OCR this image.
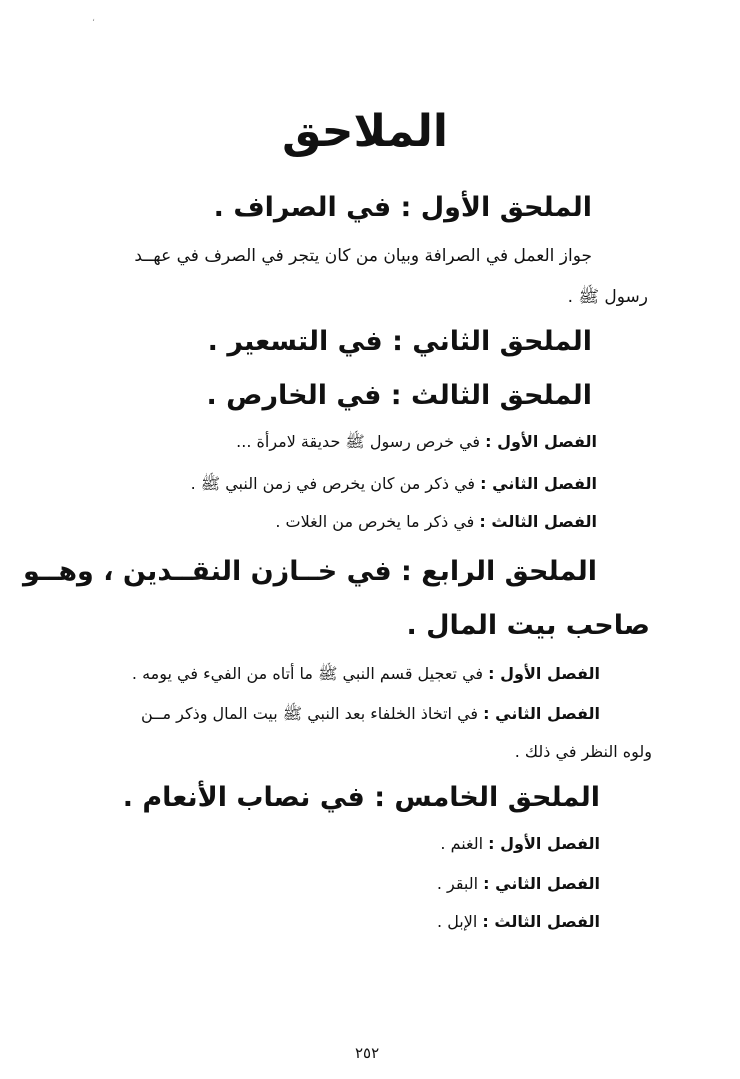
،
الملاحق
الملحق الأول : في الصراف .
جواز العمل في الصرافة وبيان من كان يتجر في الصرف في عهــد
رسول ﷺ .
الملحق الثاني : في التسعير .
الملحق الثالث : في الخارص .
الفصل الأول : في خرص رسول ﷺ حديقة لامرأة ...
الفصل الثاني : في ذكر من كان يخرص في زمن النبي ﷺ .
الفصل الثالث : في ذكر ما يخرص من الغلات .
الملحق الرابع : في خــازن النقــدين ، وهــو
صاحب بيت المال .
الفصل الأول : في تعجيل قسم النبي ﷺ ما أتاه من الفيء في يومه .
الفصل الثاني : في اتخاذ الخلفاء بعد النبي ﷺ بيت المال وذكر مــن
ولوه النظر في ذلك .
الملحق الخامس : في نصاب الأنعام .
الفصل الأول : الغنم .
الفصل الثاني : البقر .
الفصل الثالث : الإبل .
٢٥٢
